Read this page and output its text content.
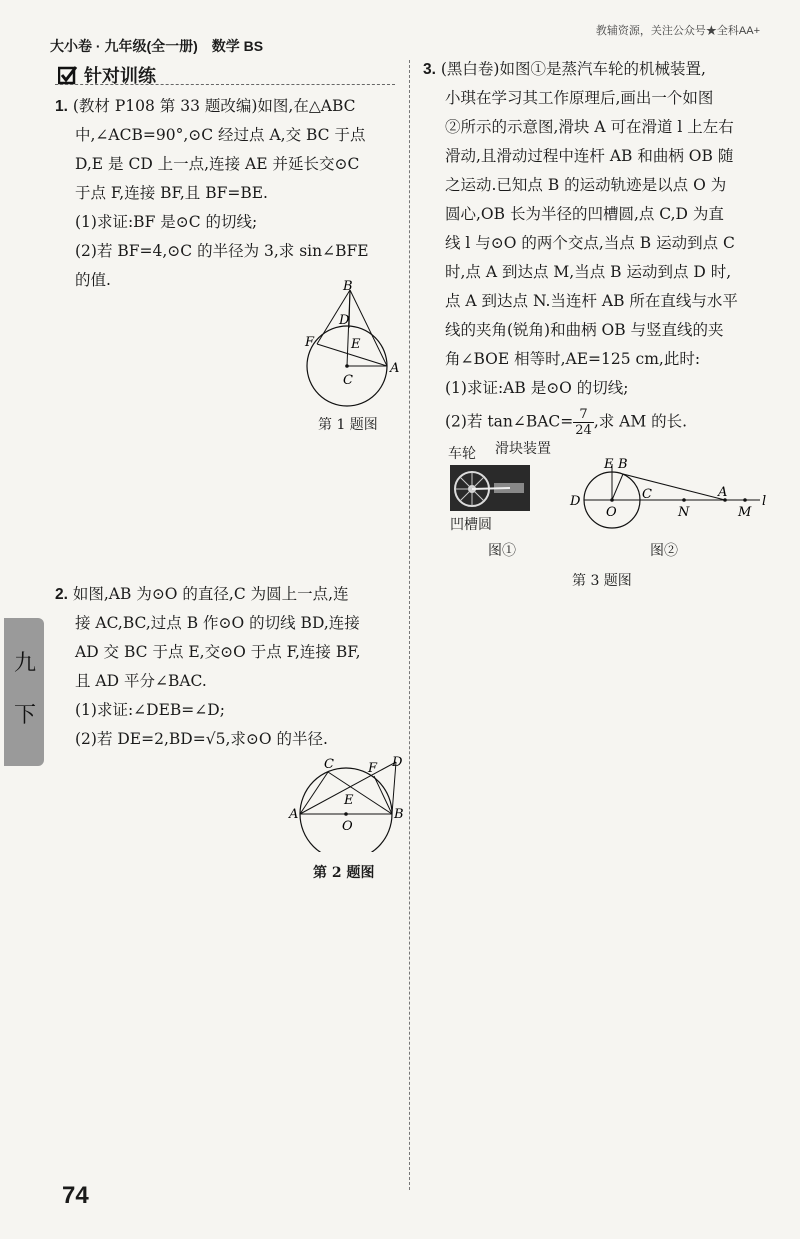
教辅资源，关注公众号★全科AA+
大小卷 · 九年级(全一册)　数学 BS
针对训练

1. (教材 P108 第 33 题改编)如图,在△ABC

中,∠ACB=90°,⊙C 经过点 A,交 BC 于点

D,E 是 CD 上一点,连接 AE 并延长交⊙C

于点 F,连接 BF,且 BF=BE.

(1)求证:BF 是⊙C 的切线;

(2)若 BF=4,⊙C 的半径为 3,求 sin∠BFE

的值.	B
D
F	E
C
A
第 1 题图

2. 如图,AB 为⊙O 的直径,C 为圆上一点,连

接 AC,BC,过点 B 作⊙O 的切线 BD,连接

AD 交 BC 于点 E,交⊙O 于点 F,连接 BF,

且 AD 平分∠BAC.

(1)求证:∠DEB=∠D;

(2)若 DE=2,BD=√5,求⊙O 的半径.

C	F D
E
A
O
B
第 2 题图

3. (黑白卷)如图①是蒸汽车轮的机械装置,

小琪在学习其工作原理后,画出一个如图

②所示的示意图,滑块 A 可在滑道 l 上左右

滑动,且滑动过程中连杆 AB 和曲柄 OB 随

之运动.已知点 B 的运动轨迹是以点 O 为

圆心,OB 长为半径的凹槽圆,点 C,D 为直

线 l 与⊙O 的两个交点,当点 B 运动到点 C

时,点 A 到达点 M,当点 B 运动到点 D 时,

点 A 到达点 N.当连杆 AB 所在直线与水平

线的夹角(锐角)和曲柄 OB 与竖直线的夹

角∠BOE 相等时,AE=125 cm,此时:

(1)求证:AB 是⊙O 的切线;

(2)若 tan∠BAC= $\frac{7}{24}$ ,求 AM 的长.

车轮 滑块装置
凹槽圆
图①
E B
D	C	A
O	N	M
l
图②
第 3 题图
九
下
74
